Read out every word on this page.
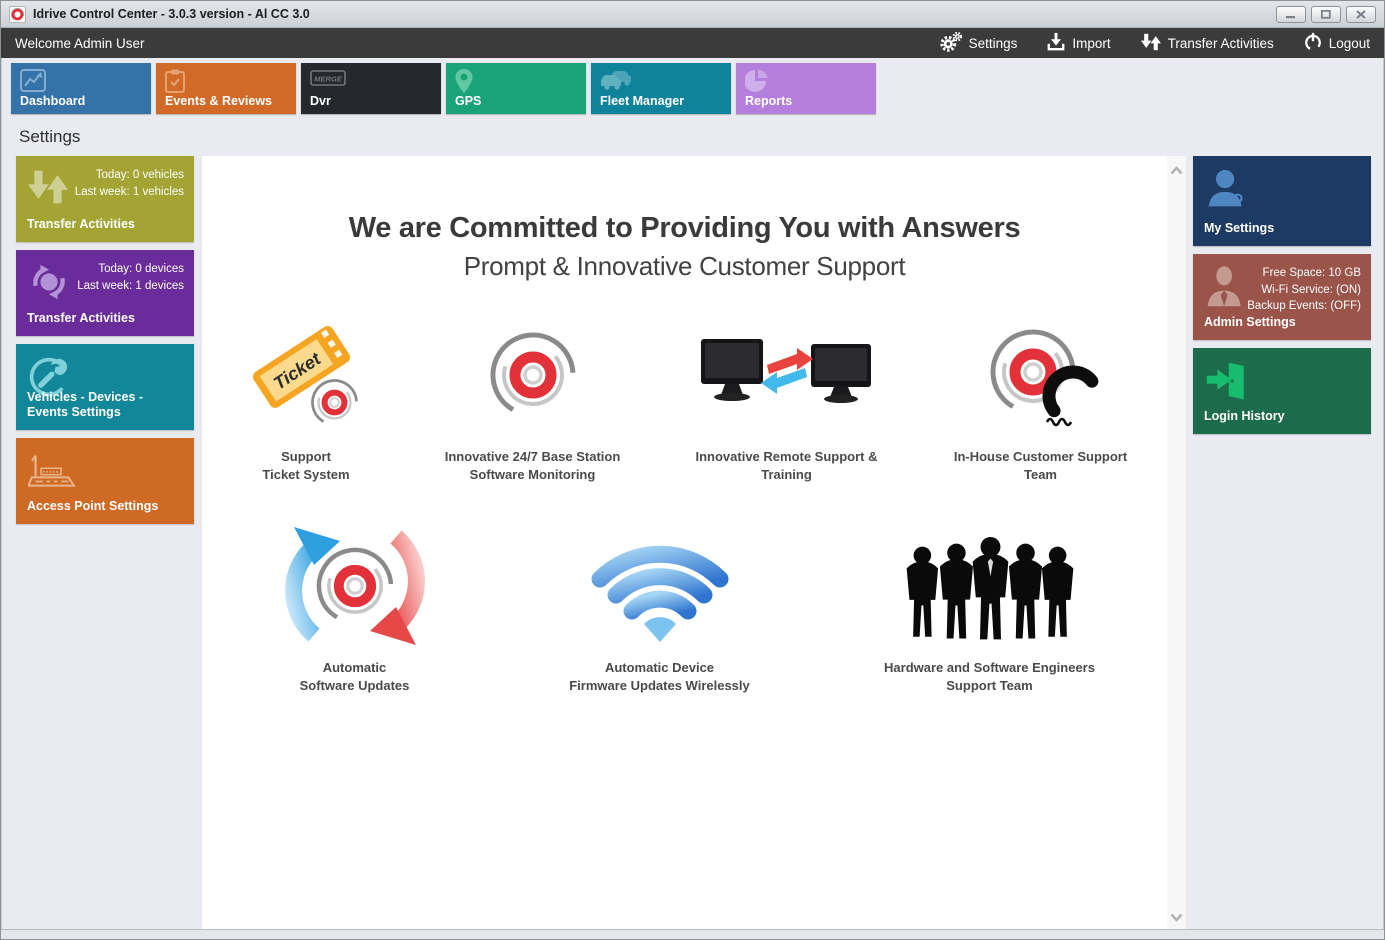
Idrive Control Center - 3.0.3 version - Al CC 3.0
Welcome Admin User	Settings	Import	Transfer Activities	Logout
Dashboard	Events & Reviews
MERGE
Dvr	GPS	Fleet Manager	Reports
Settings
Today: 0 vehicles
Last week: 1 vehicles
Transfer Activities
Today: 0 devices
Last week: 1 devices
Transfer Activities
Vehicles - Devices - Events Settings
Access Point Settings
My Settings
Free Space: 10 GB
Wi-Fi Service: (ON)
Backup Events: (OFF)
Admin Settings
Login History
We are Committed to Providing You with Answers
Prompt & Innovative Customer Support
Ticket
Support
Ticket System
Innovative 24/7 Base Station
Software Monitoring
Innovative Remote Support &
Training
In-House Customer Support
Team
Automatic
Software Updates
Automatic Device
Firmware Updates Wirelessly
Hardware and Software Engineers
Support Team
